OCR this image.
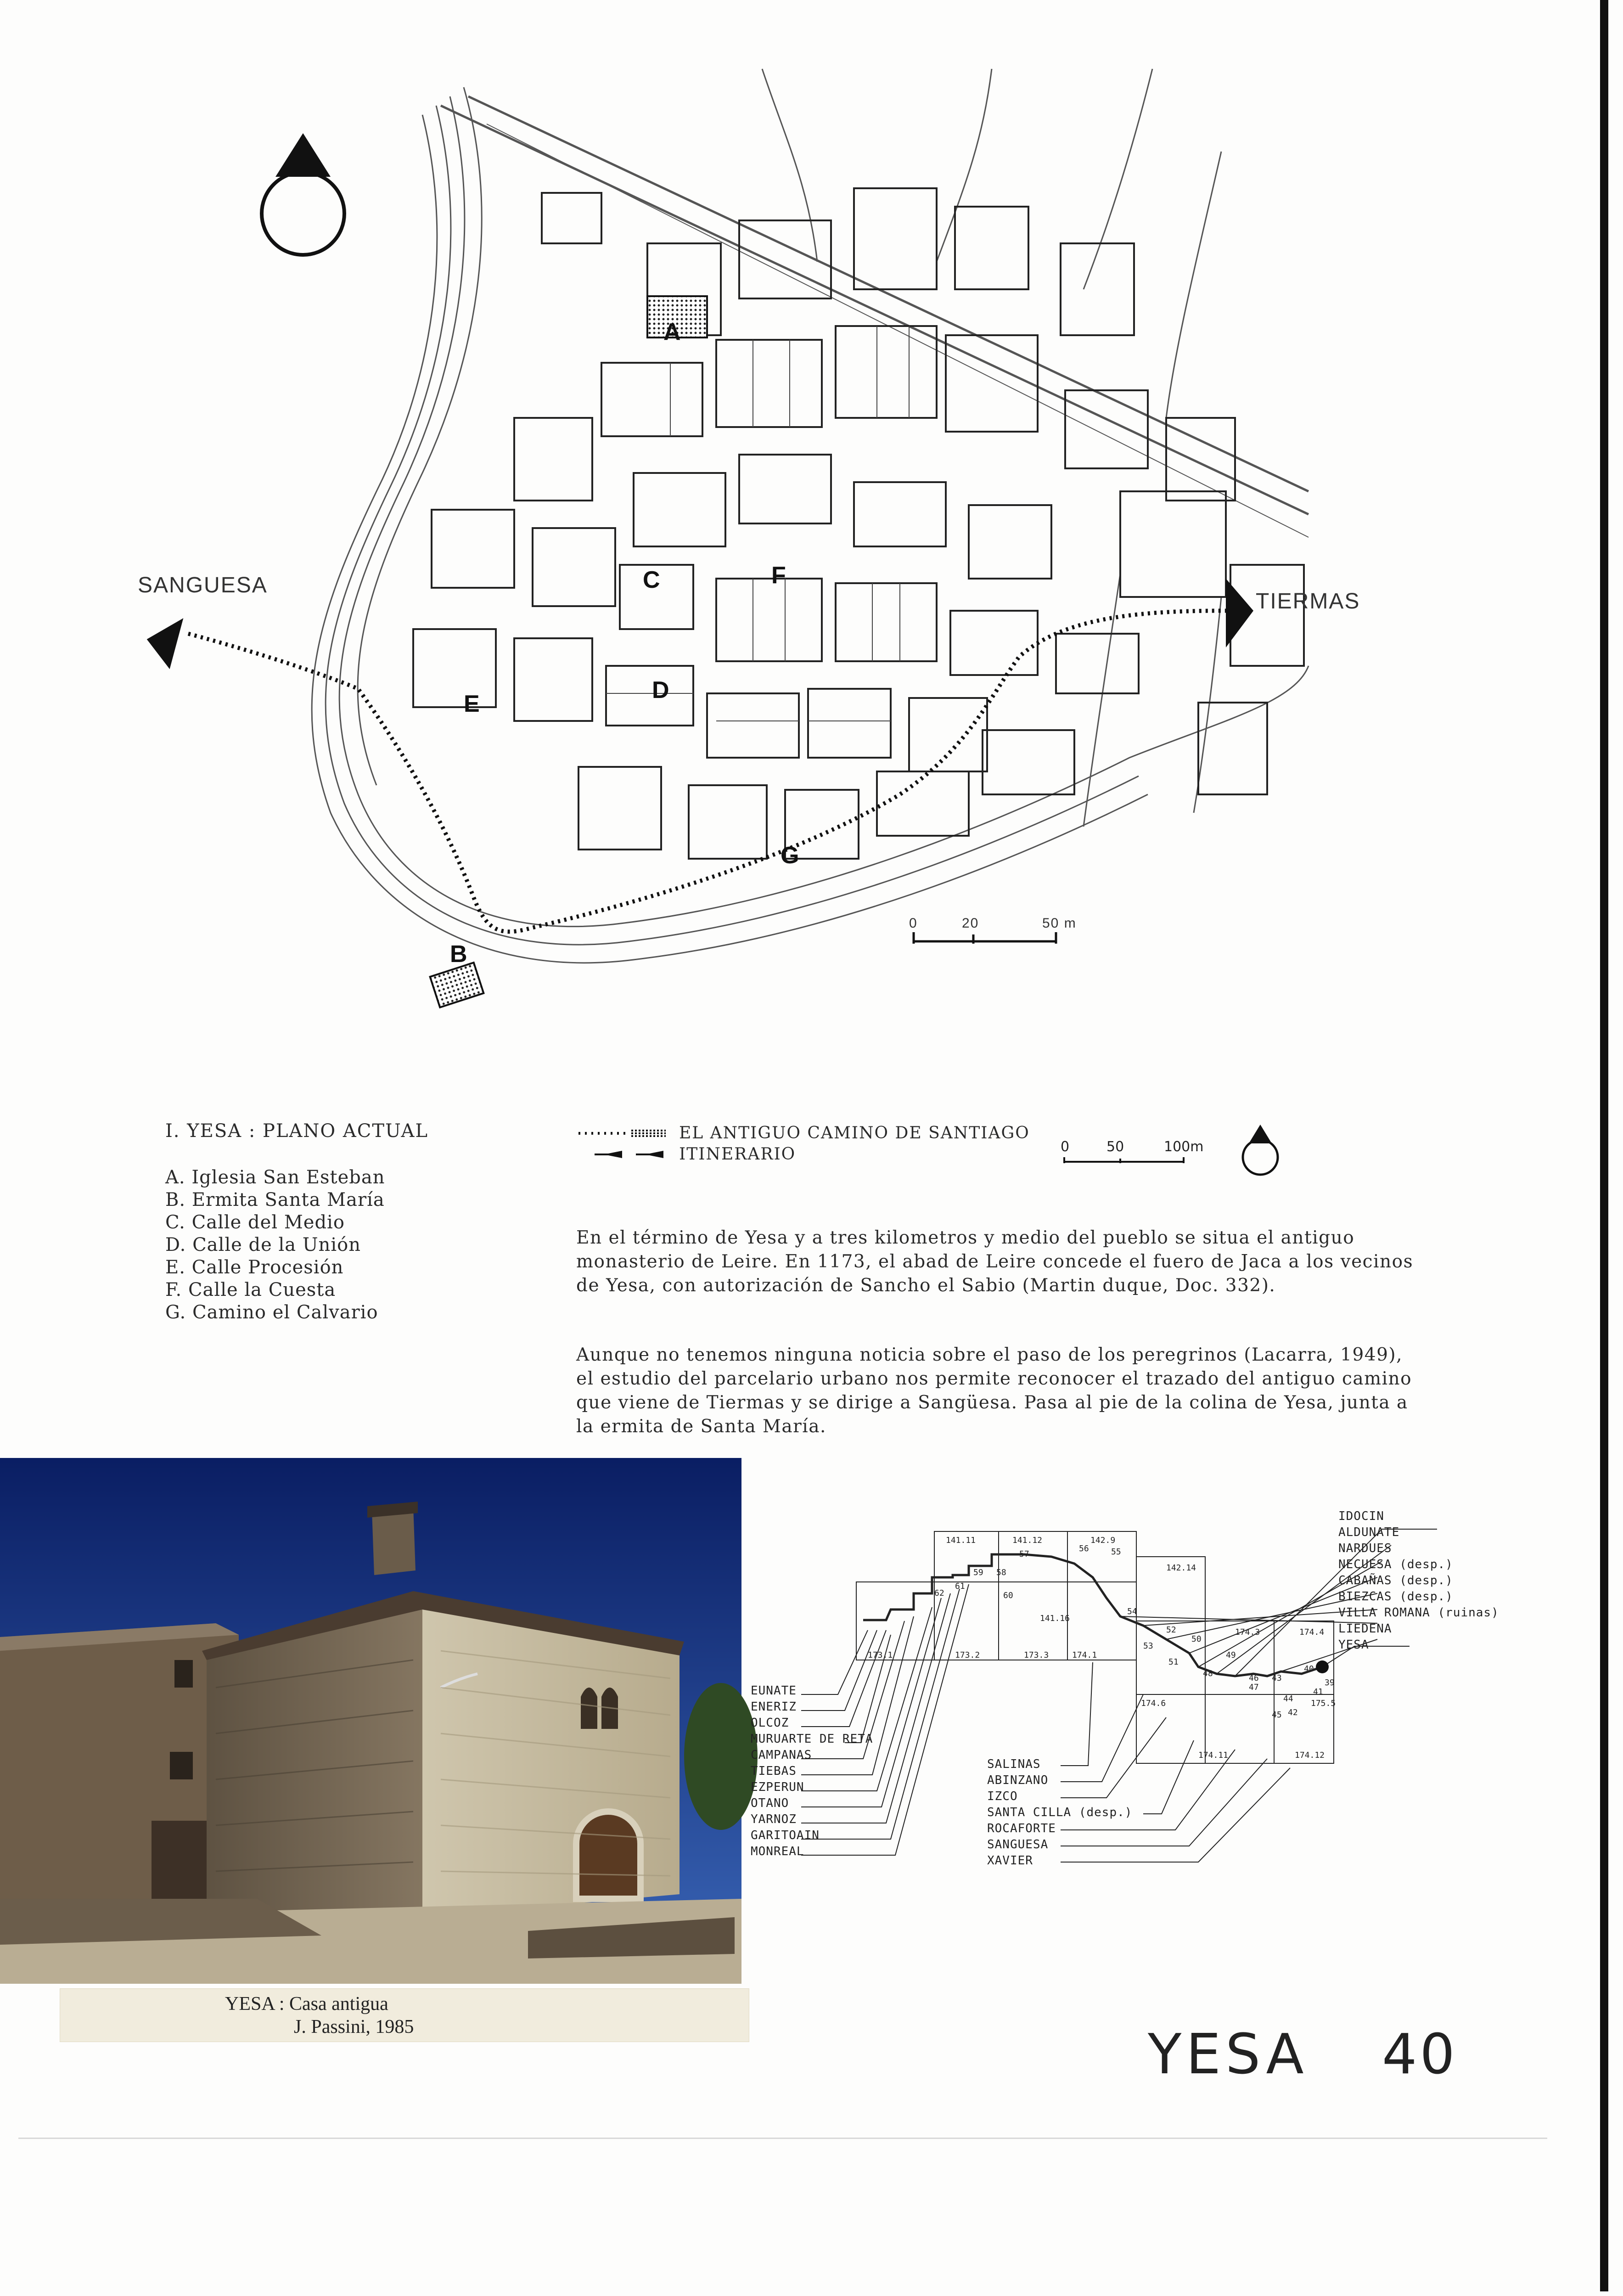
A
B
C
D
E
F
G
SANGUESA
TIERMAS
0	20	50 m
I. YESA : PLANO ACTUAL
A. Iglesia San Esteban
B. Ermita Santa María
C. Calle del Medio
D. Calle de la Unión
E. Calle Procesión
F. Calle la Cuesta
G. Camino el Calvario
EL ANTIGUO CAMINO DE SANTIAGO
ITINERARIO	0	50	100m

En el término de Yesa y a tres kilometros y medio del pueblo se situa el antiguo monasterio de Leire. En 1173, el abad de Leire concede el fuero de Jaca a los vecinos de Yesa, con autorización de Sancho el Sabio (Martin duque, Doc. 332).

Aunque no tenemos ninguna noticia sobre el paso de los peregrinos (Lacarra, 1949), el estudio del parcelario urbano nos permite reconocer el trazado del antiguo camino que viene de Tiermas y se dirige a Sangüesa. Pasa al pie de la colina de Yesa, junta a la ermita de Santa María.

YESA : Casa antigua
J. Passini, 1985
141.11	141.12	142.9
142.14
173.1	173.2	173.3	174.1
174.3	174.4
174.6
174.11	174.12
175.5
141.16
39
40
41
42
43
44
45
46
47
48
49
50
51
52
53
54
55
56
57
58
59
60
61
62
IDOCIN
ALDUNATE
NARDUES
NECUESA (desp.)
CABAÑAS (desp.)
BIEZCAS (desp.)
VILLA ROMANA (ruinas)
LIEDENA
YESA
EUNATE
ENERIZ
OLCOZ
MURUARTE DE RETA
CAMPANAS
TIEBAS
EZPERUN
OTANO
YARNOZ
GARITOAIN
MONREAL
SALINAS
ABINZANO
IZCO
SANTA CILLA (desp.)
ROCAFORTE
SANGUESA
XAVIER
YESA 40
